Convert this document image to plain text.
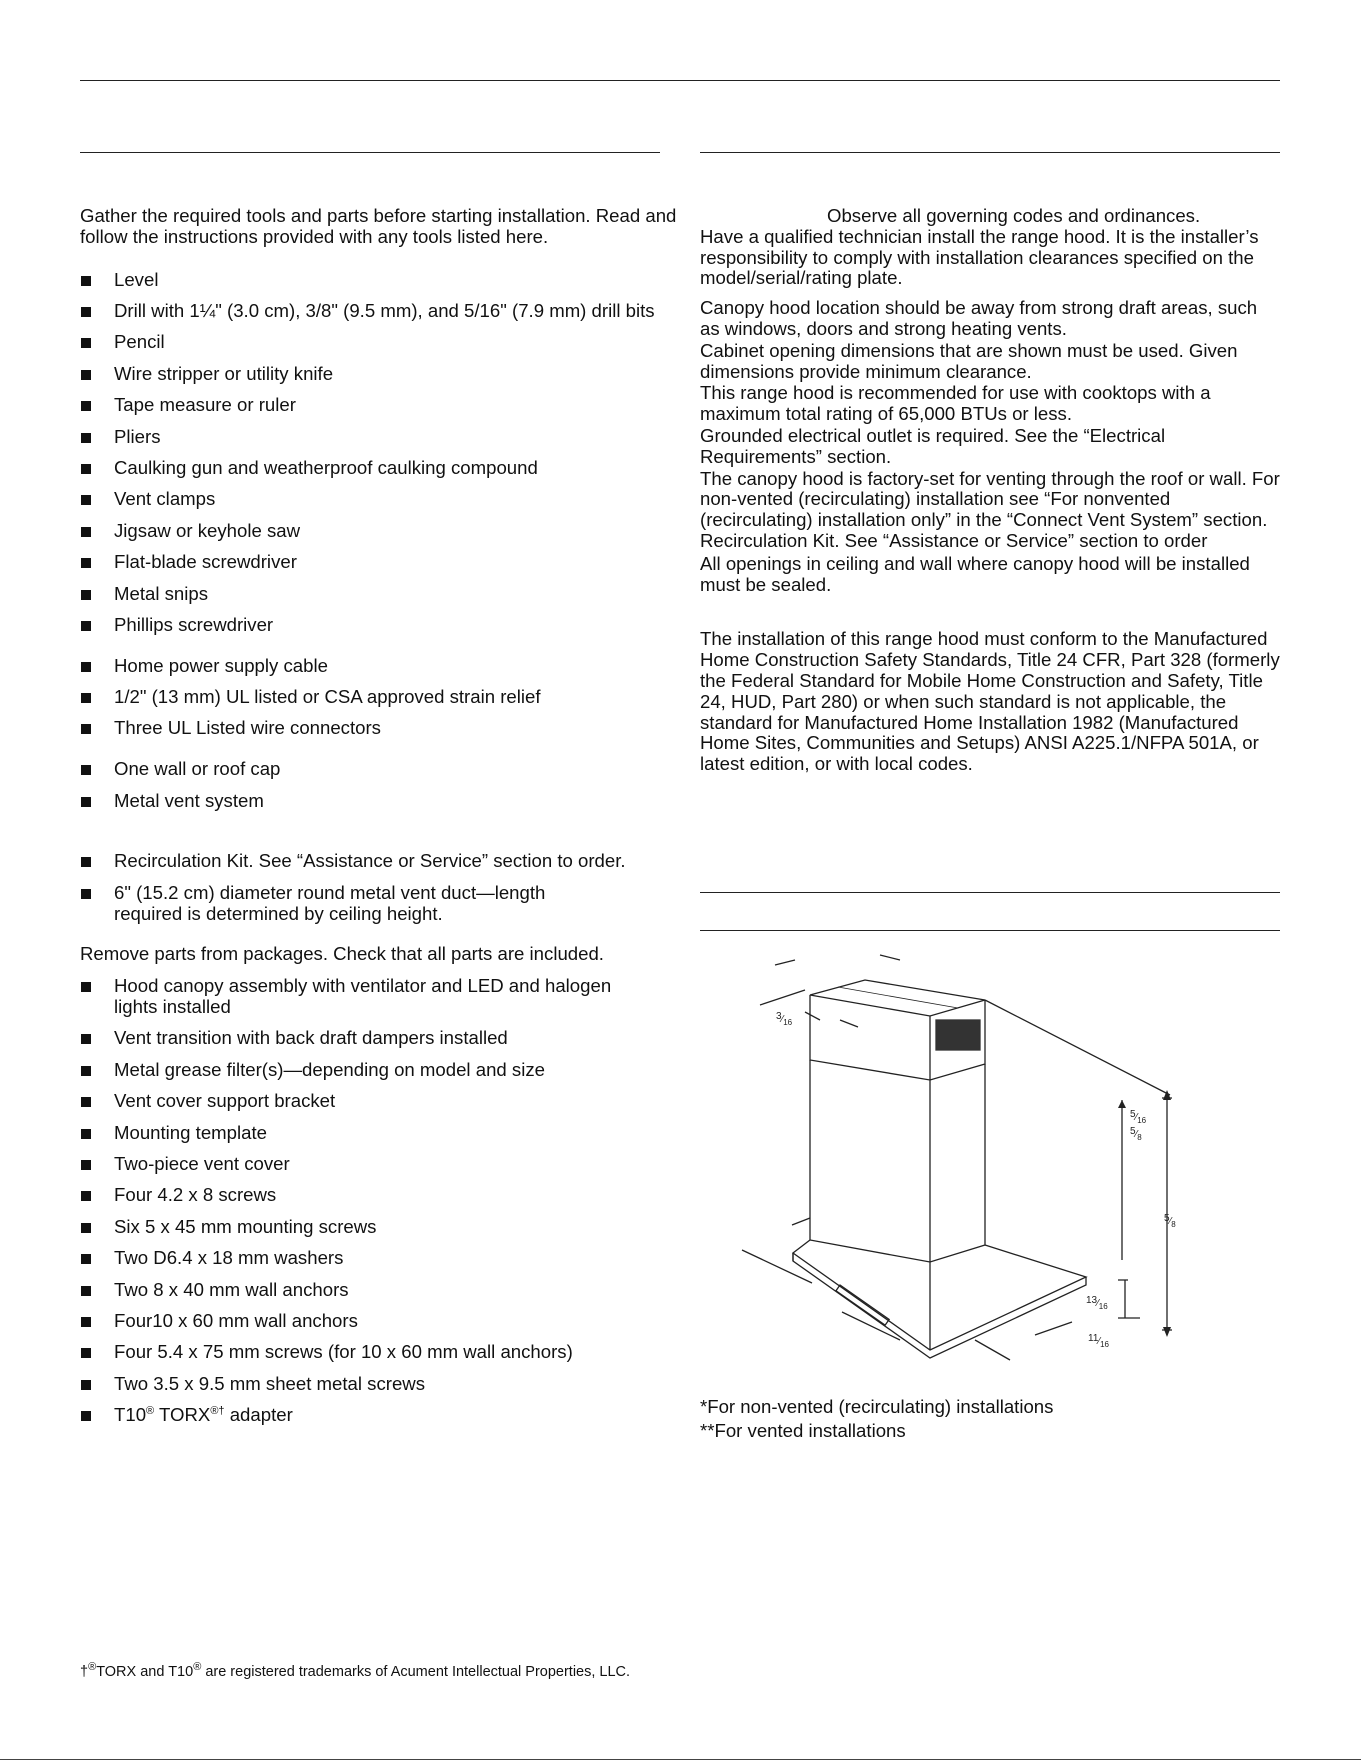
Gather the required tools and parts before starting installation. Read and follow the instructions provided with any tools listed here.

Level
Drill with 1¼" (3.0 cm), 3/8" (9.5 mm), and 5/16" (7.9 mm) drill bits
Pencil
Wire stripper or utility knife
Tape measure or ruler
Pliers
Caulking gun and weatherproof caulking compound
Vent clamps
Jigsaw or keyhole saw
Flat-blade screwdriver
Metal snips
Phillips screwdriver
Home power supply cable
1/2" (13 mm) UL listed or CSA approved strain relief
Three UL Listed wire connectors
One wall or roof cap
Metal vent system
Recirculation Kit. See “Assistance or Service” section to order.
6" (15.2 cm) diameter round metal vent duct—length required is determined by ceiling height.

Remove parts from packages. Check that all parts are included.

Hood canopy assembly with ventilator and LED and halogen lights installed
Vent transition with back draft dampers installed
Metal grease filter(s)—depending on model and size
Vent cover support bracket
Mounting template
Two-piece vent cover
Four 4.2 x 8 screws
Six 5 x 45 mm mounting screws
Two D6.4 x 18 mm washers
Two 8 x 40 mm wall anchors
Four10 x 60 mm wall anchors
Four 5.4 x 75 mm screws (for 10 x 60 mm wall anchors)
Two 3.5 x 9.5 mm sheet metal screws
T10® TORX®† adapter

Observe all governing codes and ordinances.
Have a qualified technician install the range hood. It is the installer’s responsibility to comply with installation clearances specified on the model/serial/rating plate.

Canopy hood location should be away from strong draft areas, such as windows, doors and strong heating vents.

Cabinet opening dimensions that are shown must be used. Given dimensions provide minimum clearance.

This range hood is recommended for use with cooktops with a maximum total rating of 65,000 BTUs or less.

Grounded electrical outlet is required. See the “Electrical Requirements” section.

The canopy hood is factory-set for venting through the roof or wall. For non-vented (recirculating) installation see “For nonvented (recirculating) installation only” in the “Connect Vent System” section.

Recirculation Kit. See “Assistance or Service” section to order

All openings in ceiling and wall where canopy hood will be installed must be sealed.

The installation of this range hood must conform to the Manufactured Home Construction Safety Standards, Title 24 CFR, Part 328 (formerly the Federal Standard for Mobile Home Construction and Safety, Title 24, HUD, Part 280) or when such standard is not applicable, the standard for Manufactured Home Installation 1982 (Manufactured Home Sites, Communities and Setups) ANSI A225.1/NFPA 501A, or latest edition, or with local codes.

$3⁄_{16}$
$5⁄_{16}$
$5⁄_8$
$5⁄_8$
$13⁄_{16}$
$11⁄_{16}$
*For non-vented (recirculating) installations
**For vented installations
†®TORX and T10® are registered trademarks of Acument Intellectual Properties, LLC.
